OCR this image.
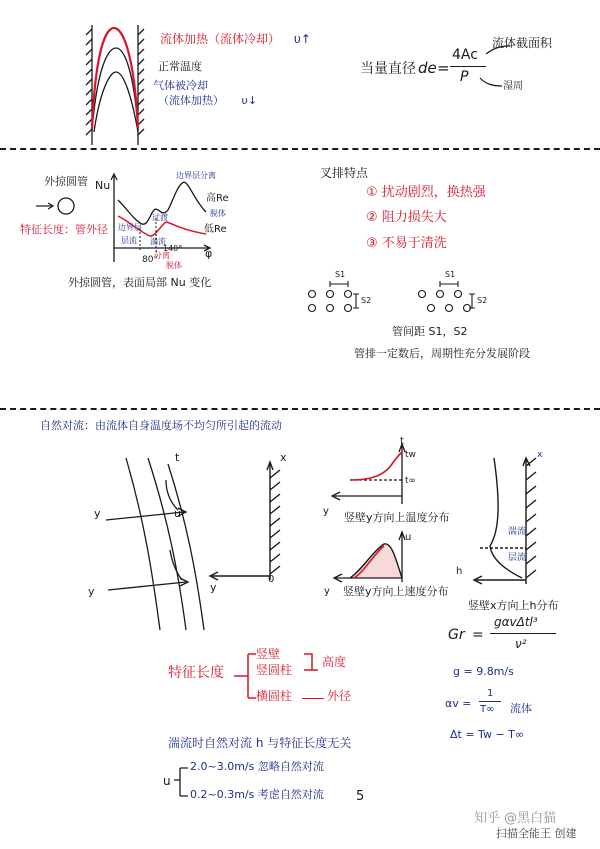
流体加热（流体冷却） υ↑
正常温度
气体被冷却
（流体加热） υ↓
当量直径 de =
4Ac
P
流体截面积
湿周
外掠圆管
特征长度：管外径
Nu
φ
边界层
层流
过渡
湍流
分离
脱体
边界层分离
高Re
脱体
低Re
80°
140°
外掠圆管，表面局部 Nu 变化
叉排特点
① 扰动剧烈，换热强
② 阻力损失大
③ 不易于清洗
S1
S2
S1
S2
管间距 S1，S2
管排一定数后，周期性充分发展阶段
自然对流：由流体自身温度场不均匀所引起的流动
t
u
y
y
x
y
0
t
tw
t∞
y 竖壁y方向上温度分布
u
y 竖壁y方向上速度分布
x
h
湍流
层流
竖壁x方向上h分布
Gr =
gαvΔtl³
ν²
g = 9.8m/s
αv =
1
T∞ 流体
Δt = Tw − T∞
特征长度
竖壁
竖圆柱
高度
横圆柱	外径
湍流时自然对流 h 与特征长度无关
u
2.0~3.0m/s 忽略自然对流
0.2~0.3m/s 考虑自然对流 5
知乎 @黑白猫
扫描全能王 创建
